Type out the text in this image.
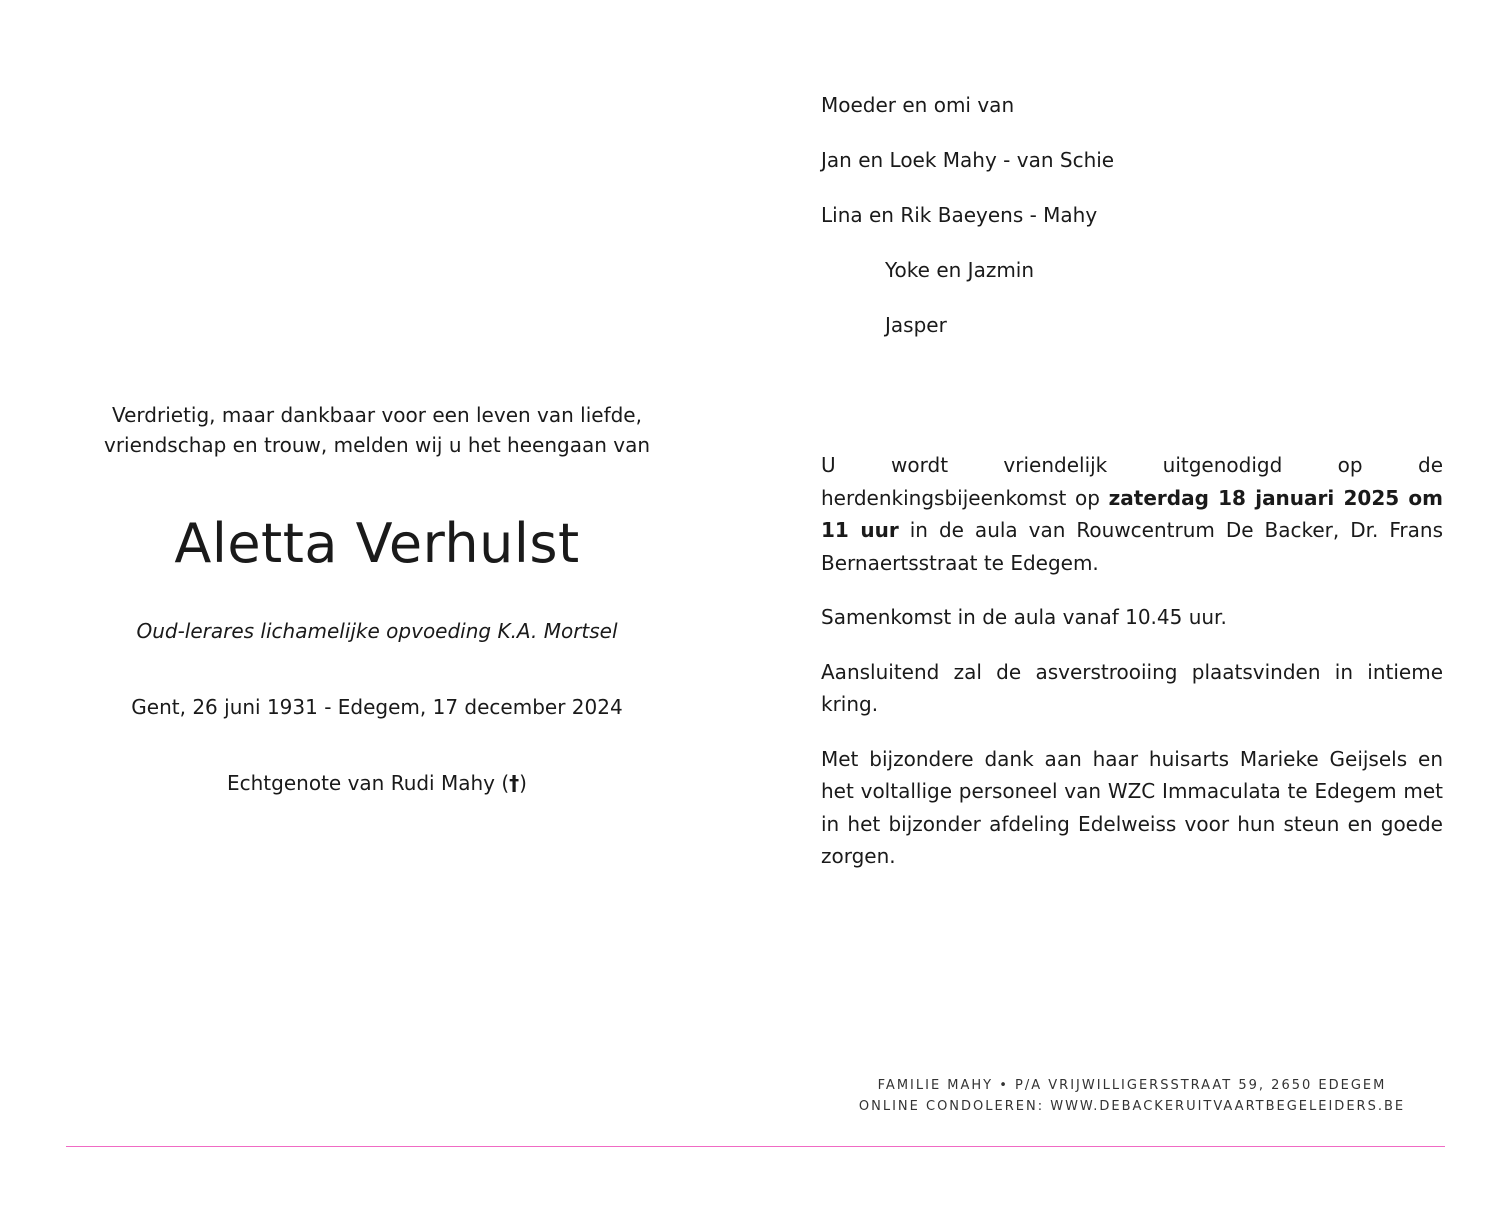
Verdrietig, maar dankbaar voor een leven van liefde,
vriendschap en trouw, melden wij u het heengaan van

Aletta Verhulst

Oud-lerares lichamelijke opvoeding K.A. Mortsel

Gent, 26 juni 1931 - Edegem, 17 december 2024

Echtgenote van Rudi Mahy (†)

Moeder en omi van
Jan en Loek Mahy - van Schie
Lina en Rik Baeyens - Mahy
Yoke en Jazmin
Jasper

U wordt vriendelijk uitgenodigd op de herdenkingsbijeenkomst op zaterdag 18 januari 2025 om 11 uur in de aula van Rouwcentrum De Backer, Dr. Frans Bernaertsstraat te Edegem.

Samenkomst in de aula vanaf 10.45 uur.

Aansluitend zal de asverstrooiing plaatsvinden in intieme kring.

Met bijzondere dank aan haar huisarts Marieke Geijsels en het voltallige personeel van WZC Immaculata te Edegem met in het bijzonder afdeling Edelweiss voor hun steun en goede zorgen.

FAMILIE MAHY • P/A VRIJWILLIGERSSTRAAT 59, 2650 EDEGEM
ONLINE CONDOLEREN: WWW.DEBACKERUITVAARTBEGELEIDERS.BE
